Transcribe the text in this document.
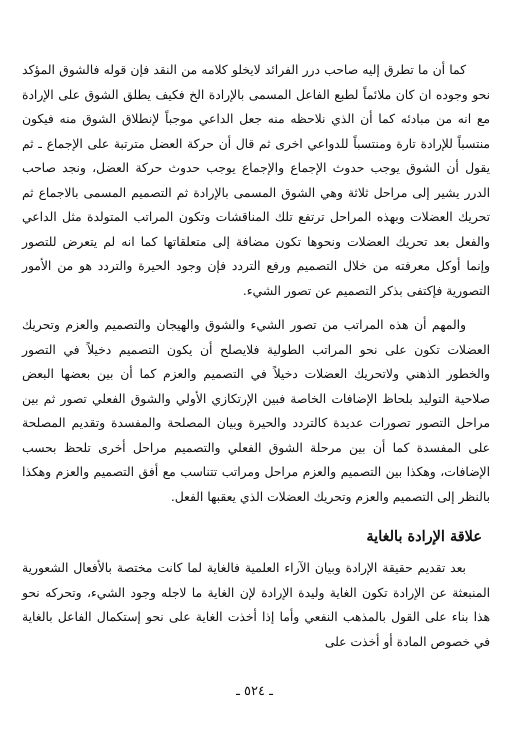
كما أن ما تطرق إليه صاحب درر الفرائد لايخلو كلامه من النقد فإن قوله فالشوق المؤكد نحو وجوده ان كان ملائماً لطبع الفاعل المسمى بالإرادة الخ فكيف يطلق الشوق على الإرادة مع انه من مبادئه كما أن الذي نلاحظه منه جعل الداعي موجباً لإنطلاق الشوق منه فيكون منتسباً للإرادة تارة ومنتسباً للدواعي اخرى ثم قال أن حركة العضل مترتبة على الإجماع ـ ثم يقول أن الشوق يوجب حدوث الإجماع والإجماع يوجب حدوث حركة العضل، ونجد صاحب الدرر يشير إلى مراحل ثلاثة وهي الشوق المسمى بالإرادة ثم التصميم المسمى بالاجماع ثم تحريك العضلات وبهذه المراحل ترتفع تلك المناقشات وتكون المراتب المتولدة مثل الداعي والفعل بعد تحريك العضلات ونحوها تكون مضافة إلى متعلقاتها كما انه لم يتعرض للتصور وإنما أوكل معرفته من خلال التصميم ورفع التردد فإن وجود الحيرة والتردد هو من الأمور التصورية فإكتفى بذكر التصميم عن تصور الشيء.

والمهم أن هذه المراتب من تصور الشيء والشوق والهيجان والتصميم والعزم وتحريك العضلات تكون على نحو المراتب الطولية فلايصلح أن يكون التصميم دخيلاً في التصور والخطور الذهني ولاتحريك العضلات دخيلاً في التصميم والعزم كما أن بين بعضها البعض صلاحية التوليد بلحاظ الإضافات الخاصة فبين الإرتكازي الأولي والشوق الفعلي تصور ثم بين مراحل التصور تصورات عديدة كالتردد والحيرة وبيان المصلحة والمفسدة وتقديم المصلحة على المفسدة كما أن بين مرحلة الشوق الفعلي والتصميم مراحل أخرى تلحظ بحسب الإضافات، وهكذا بين التصميم والعزم مراحل ومراتب تتناسب مع أفق التصميم والعزم وهكذا بالنظر إلى التصميم والعزم وتحريك العضلات الذي يعقبها الفعل.

علاقة الإرادة بالغاية

بعد تقديم حقيقة الإرادة وبيان الآراء العلمية فالغاية لما كانت مختصة بالأفعال الشعورية المنبعثة عن الإرادة تكون الغاية وليدة الإرادة لإن الغاية ما لاجله وجود الشيء، وتحركه نحو هذا بناء على القول بالمذهب النفعي وأما إذا أخذت الغاية على نحو إستكمال الفاعل بالغاية في خصوص المادة أو أخذت على

ـ ٥٢٤ ـ
